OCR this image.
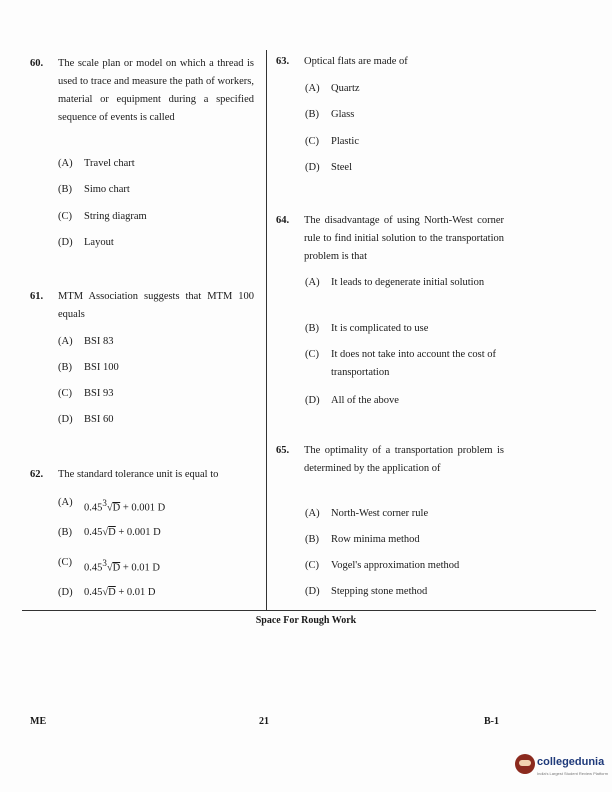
60. The scale plan or model on which a thread is used to trace and measure the path of workers, material or equipment during a specified sequence of events is called
(A) Travel chart
(B) Simo chart
(C) String diagram
(D) Layout
61. MTM Association suggests that MTM 100 equals
(A) BSI 83
(B) BSI 100
(C) BSI 93
(D) BSI 60
62. The standard tolerance unit is equal to
(A) $0.45^3√D + 0.001$ D
(B) 0.45√D + 0.001 D
(C) $0.45^3√D + 0.01$ D
(D) 0.45√D + 0.01 D
63. Optical flats are made of
(A) Quartz
(B) Glass
(C) Plastic
(D) Steel
64. The disadvantage of using North-West corner rule to find initial solution to the transportation problem is that
(A) It leads to degenerate initial solution
(B) It is complicated to use
(C) It does not take into account the cost of transportation
(D) All of the above
65. The optimality of a transportation problem is determined by the application of
(A) North-West corner rule
(B) Row minima method
(C) Vogel's approximation method
(D) Stepping stone method
Space For Rough Work
ME	21	B-1
collegedunia
India's Largest Student Review Platform
